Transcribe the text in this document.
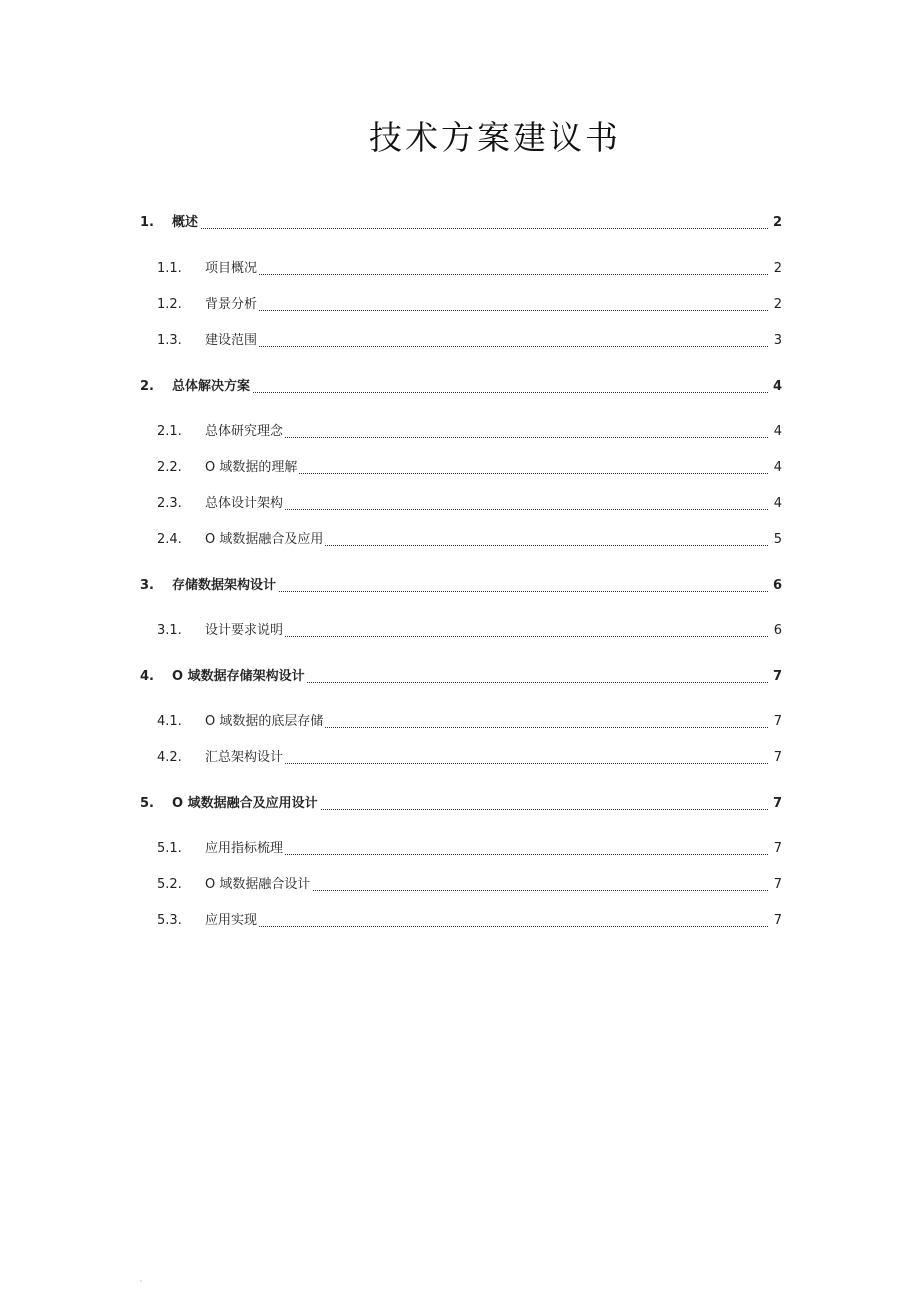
技术方案建议书
1. 概述	2
1.1. 项目概况	2
1.2. 背景分析	2
1.3. 建设范围	3
2. 总体解决方案	4
2.1. 总体研究理念	4
2.2. O 域数据的理解	4
2.3. 总体设计架构	4
2.4. O 域数据融合及应用	5
3. 存储数据架构设计	6
3.1. 设计要求说明	6
4. O 域数据存储架构设计	7
4.1. O 域数据的底层存储	7
4.2. 汇总架构设计	7
5. O 域数据融合及应用设计	7
5.1. 应用指标梳理	7
5.2. O 域数据融合设计	7
5.3. 应用实现	7
